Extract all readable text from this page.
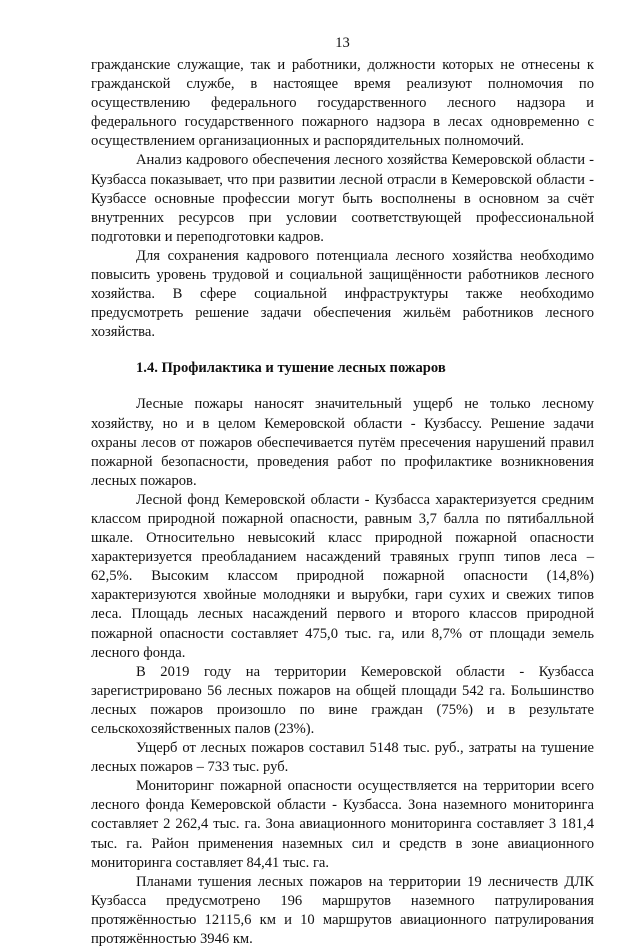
13

гражданские служащие, так и работники, должности которых не отнесены к гражданской службе, в настоящее время реализуют полномочия по осуществлению федерального государственного лесного надзора и федерального государственного пожарного надзора в лесах одновременно с осуществлением организационных и распорядительных полномочий.

Анализ кадрового обеспечения лесного хозяйства Кемеровской области - Кузбасса показывает, что при развитии лесной отрасли в Кемеровской области - Кузбассе основные профессии могут быть восполнены в основном за счёт внутренних ресурсов при условии соответствующей профессиональной подготовки и переподготовки кадров.

Для сохранения кадрового потенциала лесного хозяйства необходимо повысить уровень трудовой и социальной защищённости работников лесного хозяйства. В сфере социальной инфраструктуры также необходимо предусмотреть решение задачи обеспечения жильём работников лесного хозяйства.

1.4. Профилактика и тушение лесных пожаров

Лесные пожары наносят значительный ущерб не только лесному хозяйству, но и в целом Кемеровской области - Кузбассу. Решение задачи охраны лесов от пожаров обеспечивается путём пресечения нарушений правил пожарной безопасности, проведения работ по профилактике возникновения лесных пожаров.

Лесной фонд Кемеровской области - Кузбасса характеризуется средним классом природной пожарной опасности, равным 3,7 балла по пятибалльной шкале. Относительно невысокий класс природной пожарной опасности характеризуется преобладанием насаждений травяных групп типов леса – 62,5%. Высоким классом природной пожарной опасности (14,8%) характеризуются хвойные молодняки и вырубки, гари сухих и свежих типов леса. Площадь лесных насаждений первого и второго классов природной пожарной опасности составляет 475,0 тыс. га, или 8,7% от площади земель лесного фонда.

В 2019 году на территории Кемеровской области - Кузбасса зарегистрировано 56 лесных пожаров на общей площади 542 га. Большинство лесных пожаров произошло по вине граждан (75%) и в результате сельскохозяйственных палов (23%).

Ущерб от лесных пожаров составил 5148 тыс. руб., затраты на тушение лесных пожаров – 733 тыс. руб.

Мониторинг пожарной опасности осуществляется на территории всего лесного фонда Кемеровской области - Кузбасса. Зона наземного мониторинга составляет 2 262,4 тыс. га. Зона авиационного мониторинга составляет 3 181,4 тыс. га. Район применения наземных сил и средств в зоне авиационного мониторинга составляет 84,41 тыс. га.

Планами тушения лесных пожаров на территории 19 лесничеств ДЛК Кузбасса предусмотрено 196 маршрутов наземного патрулирования протяжённостью 12115,6 км и 10 маршрутов авиационного патрулирования протяжённостью 3946 км.
